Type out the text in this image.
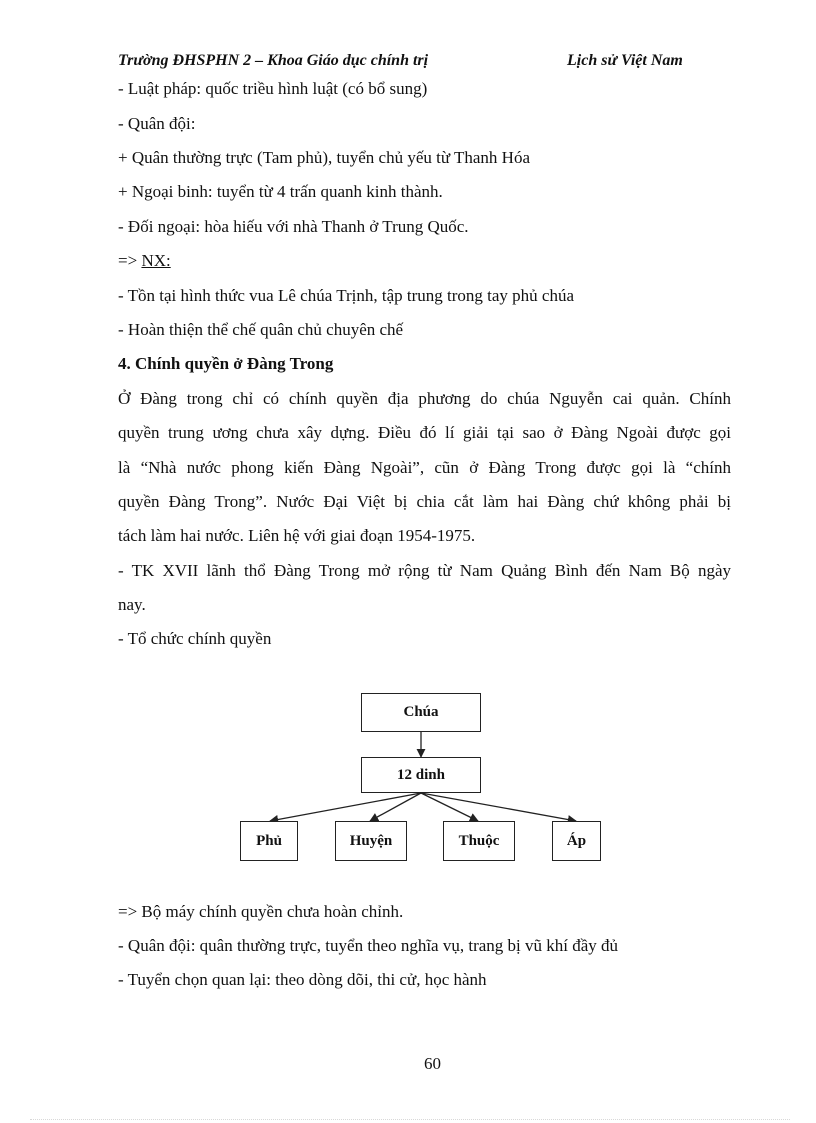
Trường ĐHSPHN 2 – Khoa Giáo dục chính trị	Lịch sử Việt Nam
- Luật pháp: quốc triều hình luật (có bổ sung)
- Quân đội:
+ Quân thường trực (Tam phủ), tuyển chủ yếu từ Thanh Hóa
+ Ngoại binh: tuyển từ 4 trấn quanh kinh thành.
- Đối ngoại: hòa hiếu với nhà Thanh ở Trung Quốc.
=> NX:
- Tồn tại hình thức vua Lê chúa Trịnh, tập trung trong tay phủ chúa
- Hoàn thiện thể chế quân chủ chuyên chế
4. Chính quyền ở Đàng Trong
Ở Đàng trong chỉ có chính quyền địa phương do chúa Nguyễn cai quản. Chính
quyền trung ương chưa xây dựng. Điều đó lí giải tại sao ở Đàng Ngoài được gọi
là “Nhà nước phong kiến Đàng Ngoài”, cũn ở Đàng Trong được gọi là “chính
quyền Đàng Trong”. Nước Đại Việt bị chia cắt làm hai Đàng chứ không phải bị
tách làm hai nước. Liên hệ với giai đoạn 1954-1975.
- TK XVII lãnh thổ Đàng Trong mở rộng từ Nam Quảng Bình đến Nam Bộ ngày
nay.
- Tổ chức chính quyền
Chúa
12 dinh
Phủ	Huyện	Thuộc	Áp
=> Bộ máy chính quyền chưa hoàn chỉnh.
- Quân đội: quân thường trực, tuyển theo nghĩa vụ, trang bị vũ khí đầy đủ
- Tuyển chọn quan lại: theo dòng dõi, thi cử, học hành
60
